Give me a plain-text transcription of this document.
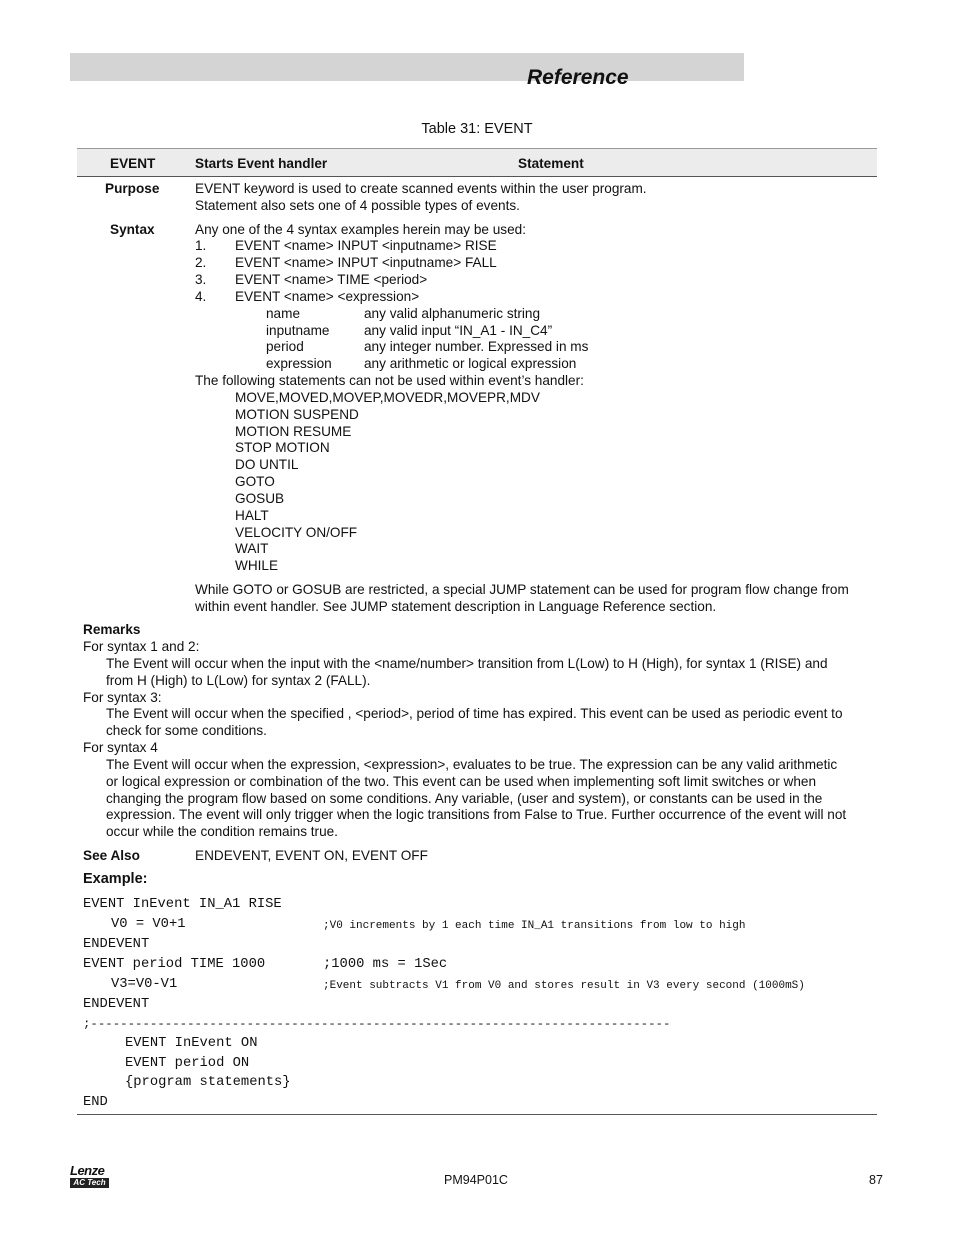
Reference
Table 31: EVENT
EVENT	Starts Event handler	Statement
Purpose	EVENT keyword is used to create scanned events within the user program.
Statement also sets one of 4 possible types of events.
Syntax	Any one of the 4 syntax examples herein may be used:
1. EVENT <name> INPUT <inputname> RISE
2. EVENT <name> INPUT <inputname> FALL
3. EVENT <name> TIME <period>
4. EVENT <name> <expression>
name	any valid alphanumeric string
inputname	any valid input “IN_A1 - IN_C4”
period	any integer number. Expressed in ms
expression any arithmetic or logical expression
The following statements can not be used within event’s handler:
MOVE,MOVED,MOVEP,MOVEDR,MOVEPR,MDV
MOTION SUSPEND
MOTION RESUME
STOP MOTION
DO UNTIL
GOTO
GOSUB
HALT
VELOCITY ON/OFF
WAIT
WHILE
While GOTO or GOSUB are restricted, a special JUMP statement can be used for program flow change from
within event handler. See JUMP statement description in Language Reference section.
Remarks
For syntax 1 and 2:
The Event will occur when the input with the <name/number> transition from L(Low) to H (High), for syntax 1 (RISE) and
from H (High) to L(Low) for syntax 2 (FALL).
For syntax 3:
The Event will occur when the specified , <period>, period of time has expired. This event can be used as periodic event to
check for some conditions.
For syntax 4
The Event will occur when the expression, <expression>, evaluates to be true. The expression can be any valid arithmetic
or logical expression or combination of the two. This event can be used when implementing soft limit switches or when
changing the program flow based on some conditions. Any variable, (user and system), or constants can be used in the
expression. The event will only trigger when the logic transitions from False to True. Further occurrence of the event will not
occur while the condition remains true.
See Also	ENDEVENT, EVENT ON, EVENT OFF
Example:
EVENT InEvent IN_A1 RISE
V0 = V0+1	;V0 increments by 1 each time IN_A1 transitions from low to high
ENDEVENT
EVENT period TIME 1000	;1000 ms = 1Sec
V3=V0-V1	;Event subtracts V1 from V0 and stores result in V3 every second (1000mS)
ENDEVENT
;------------------------------------------------------------------------------
EVENT InEvent ON
EVENT period ON
{program statements}
END
Lenze
AC Tech	PM94P01C	87
